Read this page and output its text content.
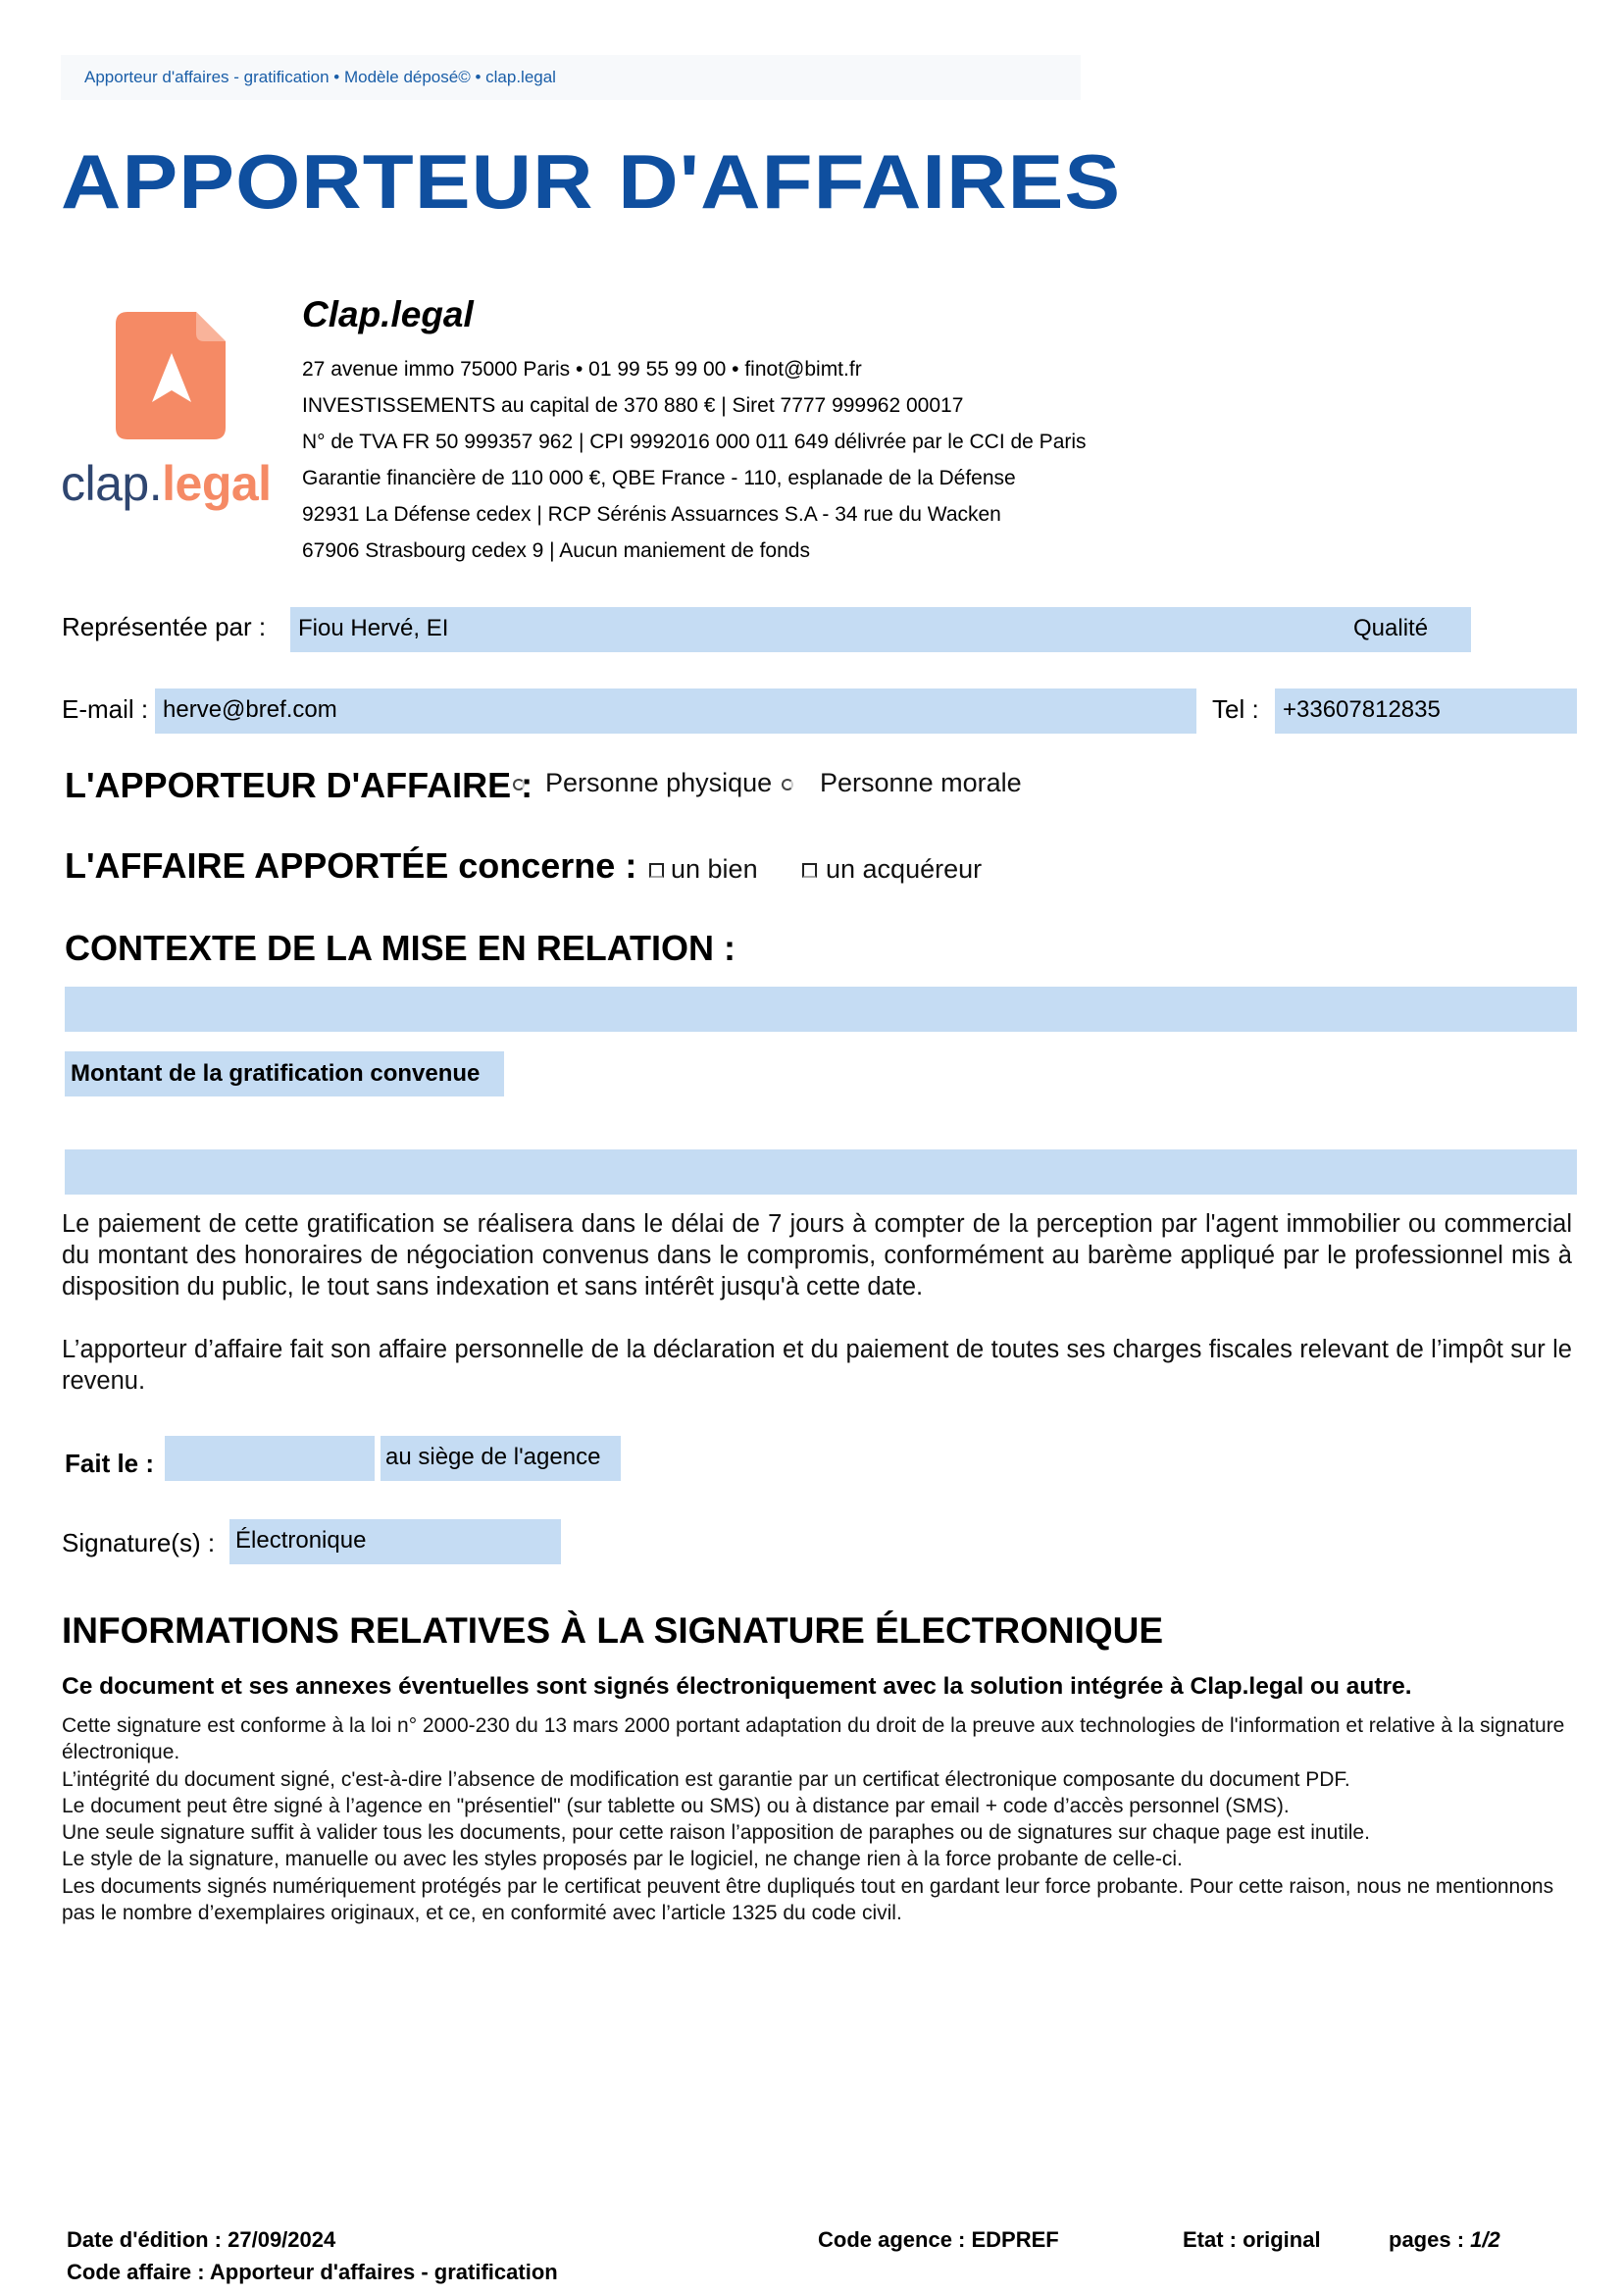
Apporteur d'affaires - gratification • Modèle déposé© • clap.legal
APPORTEUR D'AFFAIRES
clap.legal
Clap.legal
27 avenue immo 75000 Paris • 01 99 55 99 00 • finot@bimt.fr
INVESTISSEMENTS au capital de 370 880 € | Siret 7777 999962 00017
N° de TVA FR 50 999357 962 | CPI 9992016 000 011 649 délivrée par le CCI de Paris
Garantie financière de 110 000 €, QBE France - 110, esplanade de la Défense
92931 La Défense cedex | RCP Sérénis Assuarnces S.A - 34 rue du Wacken
67906 Strasbourg cedex 9 | Aucun maniement de fonds
Représentée par :	Fiou Hervé, EI	Qualité
E-mail : herve@bref.com	Tel :	+33607812835
L'APPORTEUR D'AFFAIRE : Personne physique Personne morale
L'AFFAIRE APPORTÉE concerne : un bien	un acquéreur
CONTEXTE DE LA MISE EN RELATION :
Montant de la gratification convenue
Le paiement de cette gratification se réalisera dans le délai de 7 jours à compter de la perception par l'agent immobilier ou commercial du montant des honoraires de négociation convenus dans le compromis, conformément au barème appliqué par le professionnel mis à disposition du public, le tout sans indexation et sans intérêt jusqu'à cette date.
L’apporteur d’affaire fait son affaire personnelle de la déclaration et du paiement de toutes ses charges fiscales relevant de l’impôt sur le revenu.
Fait le :	au siège de l'agence
Signature(s) : Électronique
INFORMATIONS RELATIVES À LA SIGNATURE ÉLECTRONIQUE
Ce document et ses annexes éventuelles sont signés électroniquement avec la solution intégrée à Clap.legal ou autre.
Cette signature est conforme à la loi n° 2000-230 du 13 mars 2000 portant adaptation du droit de la preuve aux technologies de l'information et relative à la signature électronique.
L’intégrité du document signé, c'est-à-dire l’absence de modification est garantie par un certificat électronique composante du document PDF.
Le document peut être signé à l’agence en "présentiel" (sur tablette ou SMS) ou à distance par email + code d’accès personnel (SMS).
Une seule signature suffit à valider tous les documents, pour cette raison l’apposition de paraphes ou de signatures sur chaque page est inutile.
Le style de la signature, manuelle ou avec les styles proposés par le logiciel, ne change rien à la force probante de celle-ci.
Les documents signés numériquement protégés par le certificat peuvent être dupliqués tout en gardant leur force probante. Pour cette raison, nous ne mentionnons pas le nombre d’exemplaires originaux, et ce, en conformité avec l’article 1325 du code civil.
Date d'édition : 27/09/2024	Code agence : EDPREF	Etat : original	pages : 1/2
Code affaire : Apporteur d'affaires - gratification
